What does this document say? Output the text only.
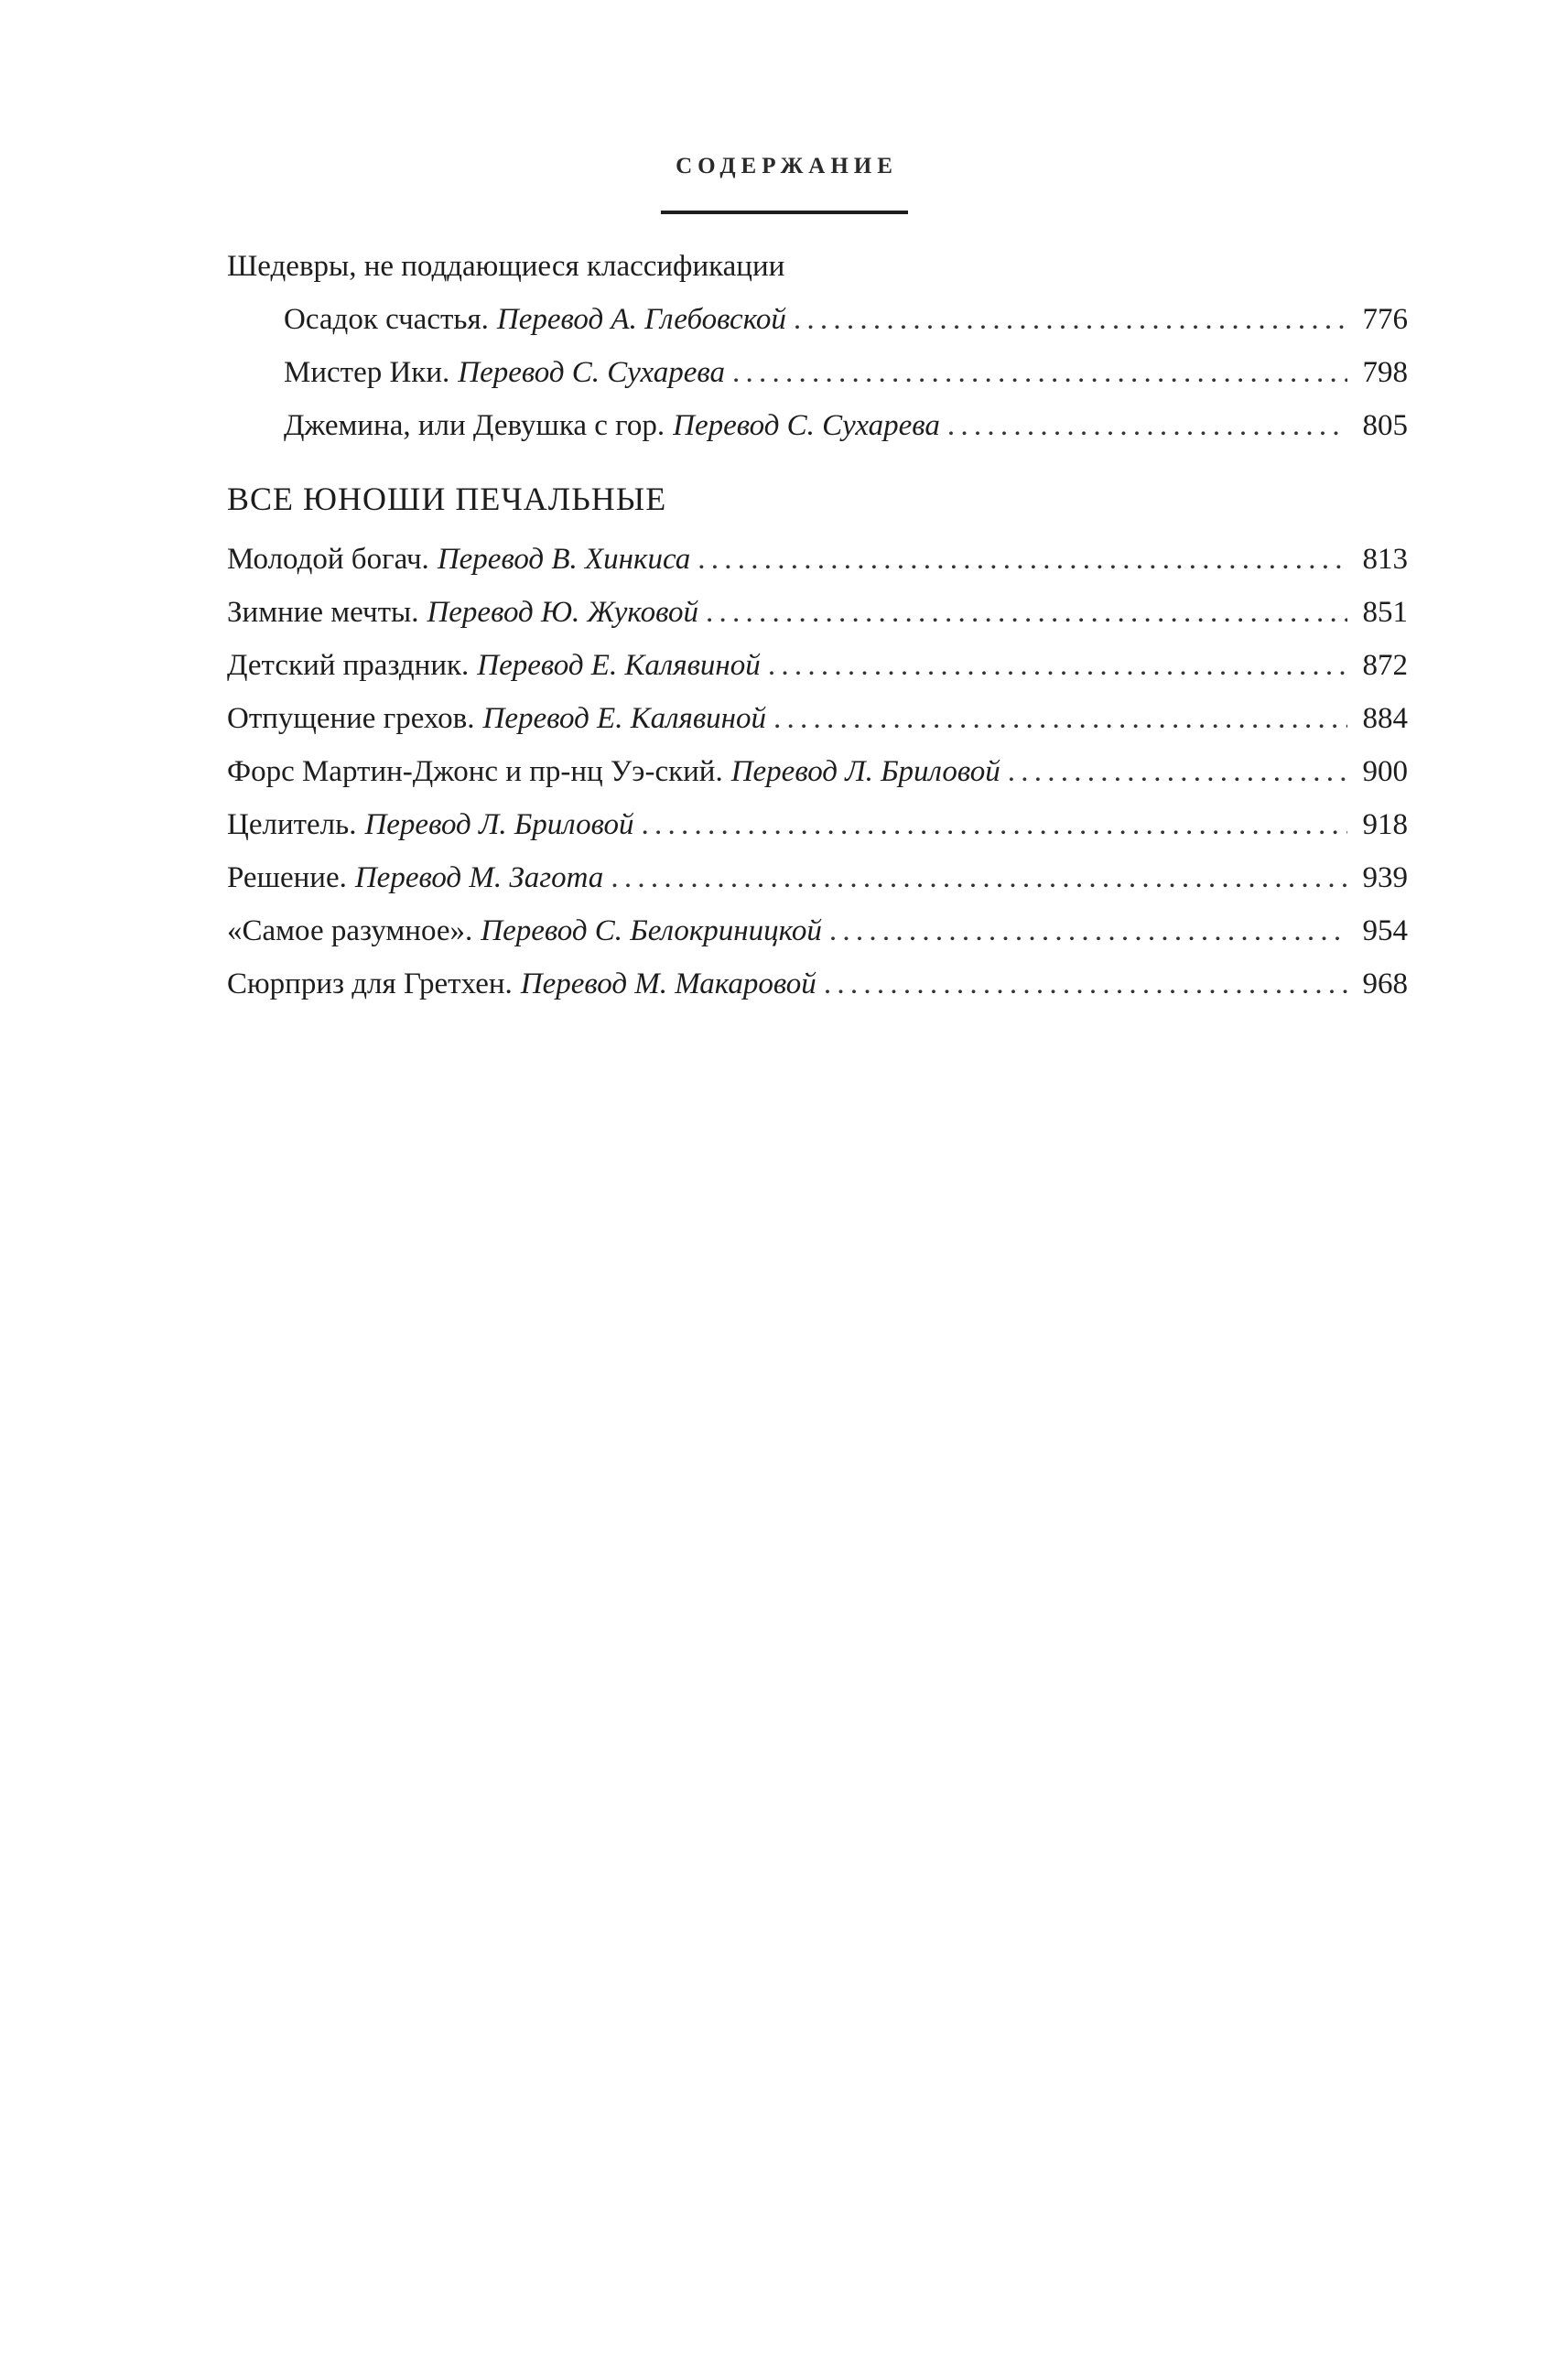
СОДЕРЖАНИЕ
Шедевры, не поддающиеся классификации
Осадок счастья. Перевод А. Глебовской . . .	776
Мистер Ики. Перевод С. Сухарева . . .	798
Джемина, или Девушка с гор. Перевод С. Сухарева . . .	805
ВСЕ ЮНОШИ ПЕЧАЛЬНЫЕ
Молодой богач. Перевод В. Хинкиса . . .	813
Зимние мечты. Перевод Ю. Жуковой . . .	851
Детский праздник. Перевод Е. Калявиной . . .	872
Отпущение грехов. Перевод Е. Калявиной . . .	884
Форс Мартин-Джонс и пр-нц Уэ-ский. Перевод Л. Бриловой . . .	900
Целитель. Перевод Л. Бриловой . . .	918
Решение. Перевод М. Загота . . .	939
«Самое разумное». Перевод С. Белокриницкой . . .	954
Сюрприз для Гретхен. Перевод М. Макаровой . . .	968
